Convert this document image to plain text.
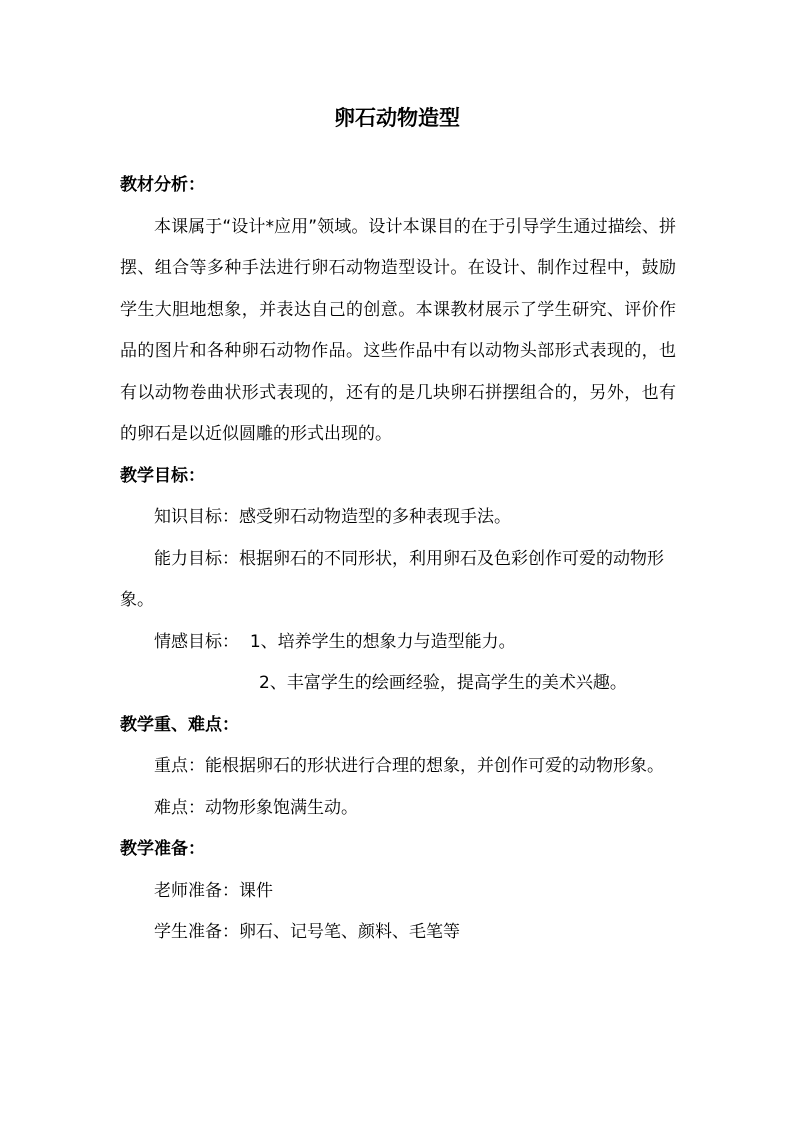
卵石动物造型
教材分析：
本课属于“设计*应用”领域。设计本课目的在于引导学生通过描绘、拼摆、组合等多种手法进行卵石动物造型设计。在设计、制作过程中，鼓励学生大胆地想象，并表达自己的创意。本课教材展示了学生研究、评价作品的图片和各种卵石动物作品。这些作品中有以动物头部形式表现的，也有以动物卷曲状形式表现的，还有的是几块卵石拼摆组合的，另外，也有的卵石是以近似圆雕的形式出现的。
教学目标：
知识目标：感受卵石动物造型的多种表现手法。
能力目标：根据卵石的不同形状，利用卵石及色彩创作可爱的动物形象。
情感目标： 1、培养学生的想象力与造型能力。
2、丰富学生的绘画经验，提高学生的美术兴趣。
教学重、难点：
重点：能根据卵石的形状进行合理的想象，并创作可爱的动物形象。
难点：动物形象饱满生动。
教学准备：
老师准备：课件
学生准备：卵石、记号笔、颜料、毛笔等
